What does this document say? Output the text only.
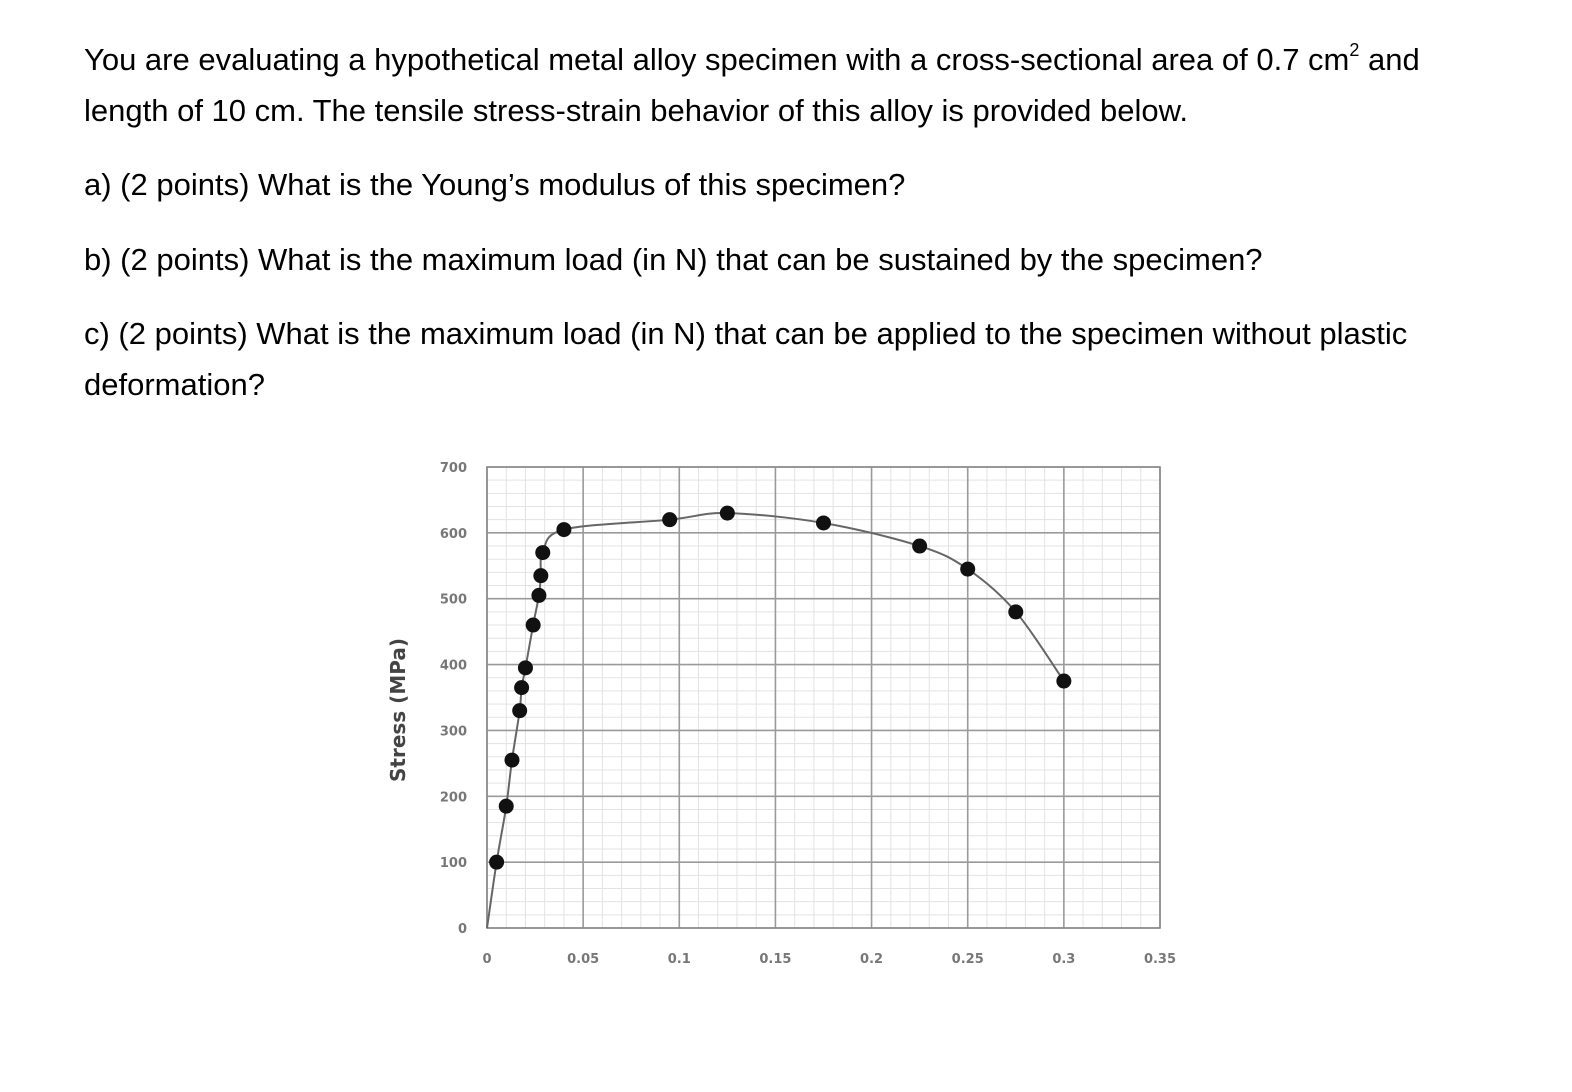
You are evaluating a hypothetical metal alloy specimen with a cross-sectional area of 0.7 $cm^2$ and length of 10 cm. The tensile stress-strain behavior of this alloy is provided below.

a) (2 points) What is the Young’s modulus of this specimen?

b) (2 points) What is the maximum load (in N) that can be sustained by the specimen?

c) (2 points) What is the maximum load (in N) that can be applied to the specimen without plastic deformation?

0
100
200
300
400
500
600
700
0	0.05	0.1	0.15	0.2	0.25	0.3	0.35
Stress (MPa)
